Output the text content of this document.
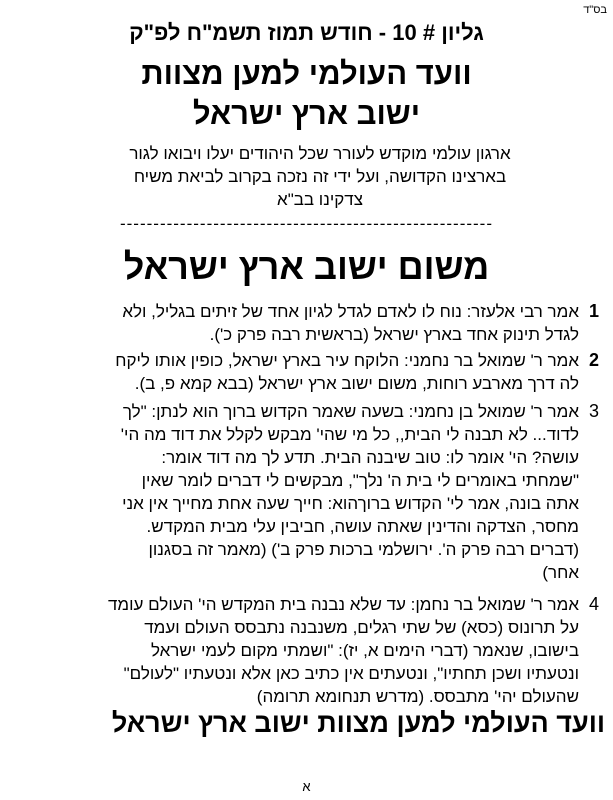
בס"ד
גליון # 10 - חודש תמוז תשמ"ח לפ"ק
וועד העולמי למען מצוות
ישוב ארץ ישראל
ארגון עולמי מוקדש לעורר שכל היהודים יעלו ויבואו לגור
בארצינו הקדושה, ועל ידי זה נזכה בקרוב לביאת משיח
צדקינו בב"א
--------------------------------------------------------
משום ישוב ארץ ישראל
1
אמר רבי אלעזר: נוח לו לאדם לגדל לגיון אחד של זיתים בגליל, ולא
לגדל תינוק אחד בארץ ישראל (בראשית רבה פרק כ').
2
אמר ר' שמואל בר נחמני: הלוקח עיר בארץ ישראל, כופין אותו ליקח
לה דרך מארבע רוחות, משום ישוב ארץ ישראל (בבא קמא פ, ב).
3
אמר ר' שמואל בן נחמני: בשעה שאמר הקדוש ברוך הוא לנתן: "לך
לדוד... לא תבנה לי הבית,, כל מי שהי' מבקש לקלל את דוד מה הי'
עושה? הי' אומר לו: טוב שיבנה הבית. תדע לך מה דוד אומר:
"שמחתי באומרים לי בית ה' נלך", מבקשים לי דברים לומר שאין
אתה בונה, אמר לי' הקדוש ברוךהוא: חייך שעה אחת מחייך אין אני
מחסר, הצדקה והדינין שאתה עושה, חביבין עלי מבית המקדש.
(דברים רבה פרק ה'. ירושלמי ברכות פרק ב') (מאמר זה בסגנון
אחר)
4
אמר ר' שמואל בר נחמן: עד שלא נבנה בית המקדש הי' העולם עומד
על תרונוס (כסא) של שתי רגלים, משנבנה נתבסס העולם ועמד
בישובו, שנאמר (דברי הימים א, יז): "ושמתי מקום לעמי ישראל
ונטעתיו ושכן תחתיו", ונטעתים אין כתיב כאן אלא ונטעתיו "לעולם"
שהעולם יהי' מתבסס. (מדרש תנחומא תרומה)
וועד העולמי למען מצוות ישוב ארץ ישראל
א
